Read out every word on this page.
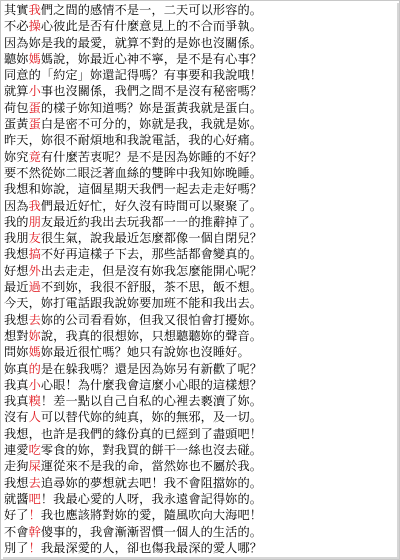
其實我們之間的感情不是一，二天可以形容的。
不必操心彼此是否有什麼意見上的不合而爭執。
因為妳是我的最愛，就算不對的是妳也沒關係。
聽妳媽媽說，妳最近心神不寧，是不是有心事？
同意的「約定」妳還記得嗎？有事要和我說哦！
就算小事也沒關係，我們之間不是沒有秘密嗎？
荷包蛋的樣子妳知道嗎？妳是蛋黃我就是蛋白。
蛋黃蛋白是密不可分的，妳就是我，我就是妳。
昨天，妳很不耐煩地和我說電話，我的心好痛。
妳究竟有什麼苦衷呢？是不是因為妳睡的不好？
要不然從妳二眼泛著血絲的雙眸中我知妳晚睡。
我想和妳說，這個星期天我們一起去走走好嗎？
因為我們最近好忙，好久沒有時間可以聚聚了。
我的朋友最近約我出去玩我都一一的推辭掉了。
我朋友很生氣，說我最近怎麼都像一個自閉兒？
我想搞不好再這樣子下去，那些話都會變真的。
好想外出去走走，但是沒有妳我怎麼能開心呢？
最近過不到妳，我很不舒服，茶不思，飯不想。
今天，妳打電話跟我說妳要加班不能和我出去。
我想去妳的公司看看妳，但我又很怕會打擾妳。
想對妳說，我真的很想妳，只想聽聽妳的聲音。
問妳媽妳最近很忙嗎？她只有說妳也沒睡好。
妳真的是在躲我嗎？還是因為妳另有新歡了呢？
我真小心眼！為什麼我會這麼小心眼的這樣想？
我真糗！差一點以自己自私的心裡去褻瀆了妳。
沒有人可以替代妳的純真，妳的無邪，及一切。
我想，也許是我們的緣份真的已經到了盡頭吧！
連愛吃零食的妳，對我買的餅干一絲也沒去碰。
走狗屎運從來不是我的命，當然妳也不屬於我。
我想去追尋妳的夢想就去吧！我不會阻擋妳的。
就醬吧！我最心愛的人呀，我永遠會記得妳的。
好了！我也應該將對妳的愛，隨風吹向大海吧！
不會幹傻事的，我會漸漸習慣一個人的生活的。
別了！我最深愛的人，卻也傷我最深的愛人哪？
